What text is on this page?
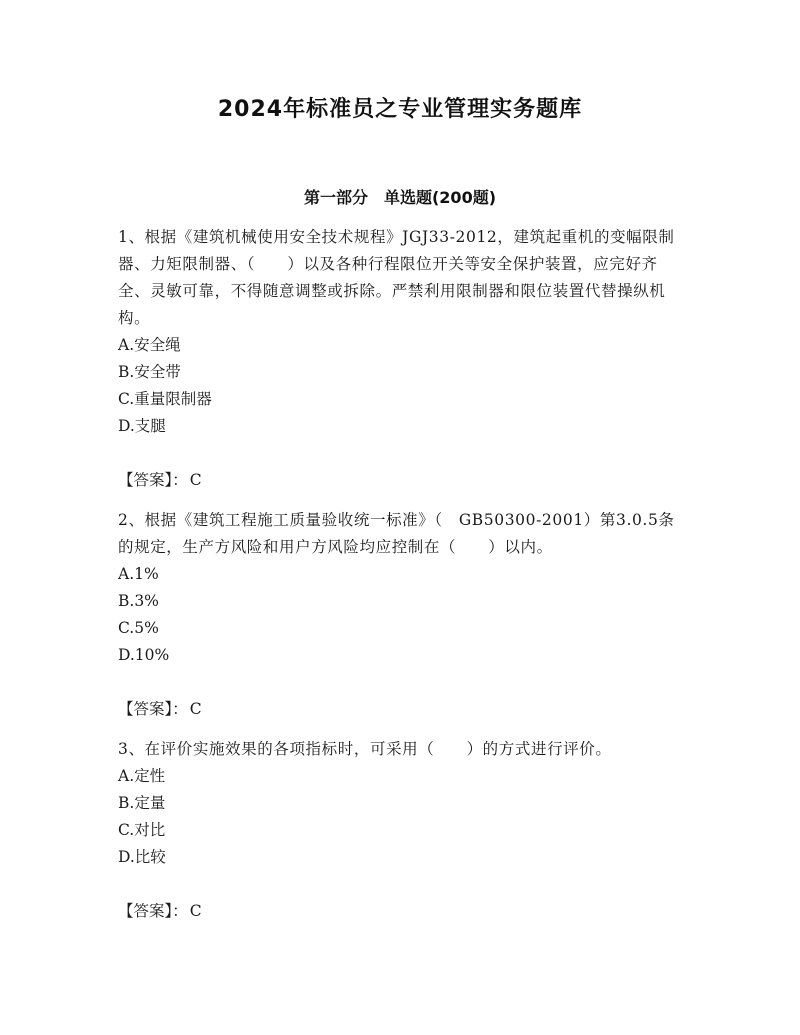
2024年标准员之专业管理实务题库
第一部分　单选题(200题)

1、根据《建筑机械使用安全技术规程》JGJ33-2012，建筑起重机的变幅限制器、力矩限制器、（　　）以及各种行程限位开关等安全保护装置，应完好齐全、灵敏可靠，不得随意调整或拆除。严禁利用限制器和限位装置代替操纵机构。

A.安全绳
B.安全带
C.重量限制器
D.支腿
【答案】： C

2、根据《建筑工程施工质量验收统一标准》（　GB50300-2001）第3.0.5条的规定，生产方风险和用户方风险均应控制在（　　）以内。

A.1%
B.3%
C.5%
D.10%
【答案】： C

3、在评价实施效果的各项指标时，可采用（　　）的方式进行评价。

A.定性
B.定量
C.对比
D.比较
【答案】： C
